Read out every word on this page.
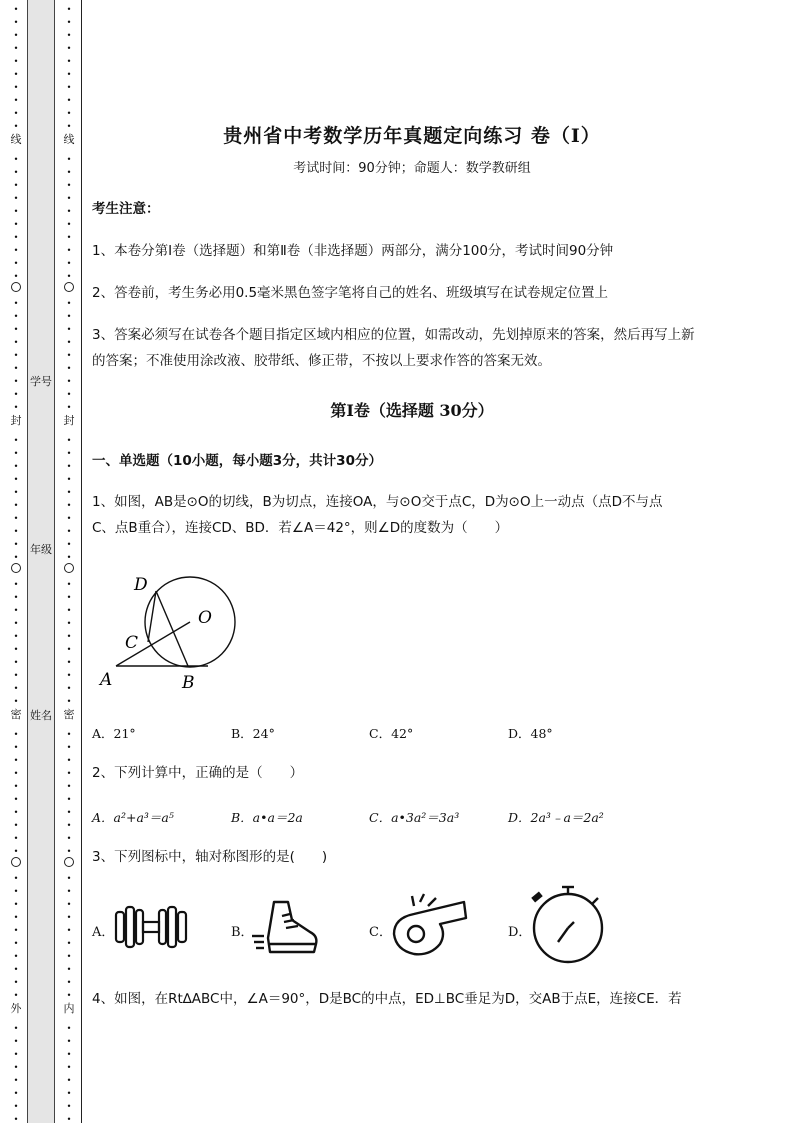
.
.
.
.
.
.
.
.
.
.
线
.
.
.
.
.
.
.
.
.
.
.
.
.
.
.
.
.
.
.
封
.
.
.
.
.
.
.
.
.
.
.
.
.
.
.
.
.
.
.
.
密
.
.
.
.
.
.
.
.
.
.
.
.
.
.
.
.
.
.
.
.
外
.
.
.
.
.
.
.
.
.
.
.
.
.
.
.
.
.
.
线
.
.
.
.
.
.
.
.
.
.
.
.
.
.
.
.
.
.
.
封
.
.
.
.
.
.
.
.
.
.
.
.
.
.
.
.
.
.
.
.
密
.
.
.
.
.
.
.
.
.
.
.
.
.
.
.
.
.
.
.
.
内
.
.
.
.
.
.
.
.
学号
年级
姓名
贵州省中考数学历年真题定向练习 卷（Ⅰ）
考试时间：90分钟；命题人：数学教研组
考生注意：
1、本卷分第I卷（选择题）和第Ⅱ卷（非选择题）两部分，满分100分，考试时间90分钟
2、答卷前，考生务必用0.5毫米黑色签字笔将自己的姓名、班级填写在试卷规定位置上
3、答案必须写在试卷各个题目指定区域内相应的位置，如需改动，先划掉原来的答案，然后再写上新
的答案；不准使用涂改液、胶带纸、修正带，不按以上要求作答的答案无效。
第I卷（选择题 30分）
一、单选题（10小题，每小题3分，共计30分）
1、如图，AB是⊙O的切线，B为切点，连接OA，与⊙O交于点C，D为⊙O上一动点（点D不与点
C、点B重合），连接CD、BD．若∠A＝42°，则∠D的度数为（　　）
D
O
C
A	B
A．21°	B．24°	C．42°	D．48°
2、下列计算中，正确的是（　　）
A．a²+a³＝a⁵	B．a•a＝2a	C．a•3a²＝3a³	D．2a³﹣a＝2a²
3、下列图标中，轴对称图形的是(　　)
A．	B．	C．	D．
4、如图，在Rt∆ABC中，∠A＝90°，D是BC的中点，ED⊥BC垂足为D，交AB于点E，连接CE．若
